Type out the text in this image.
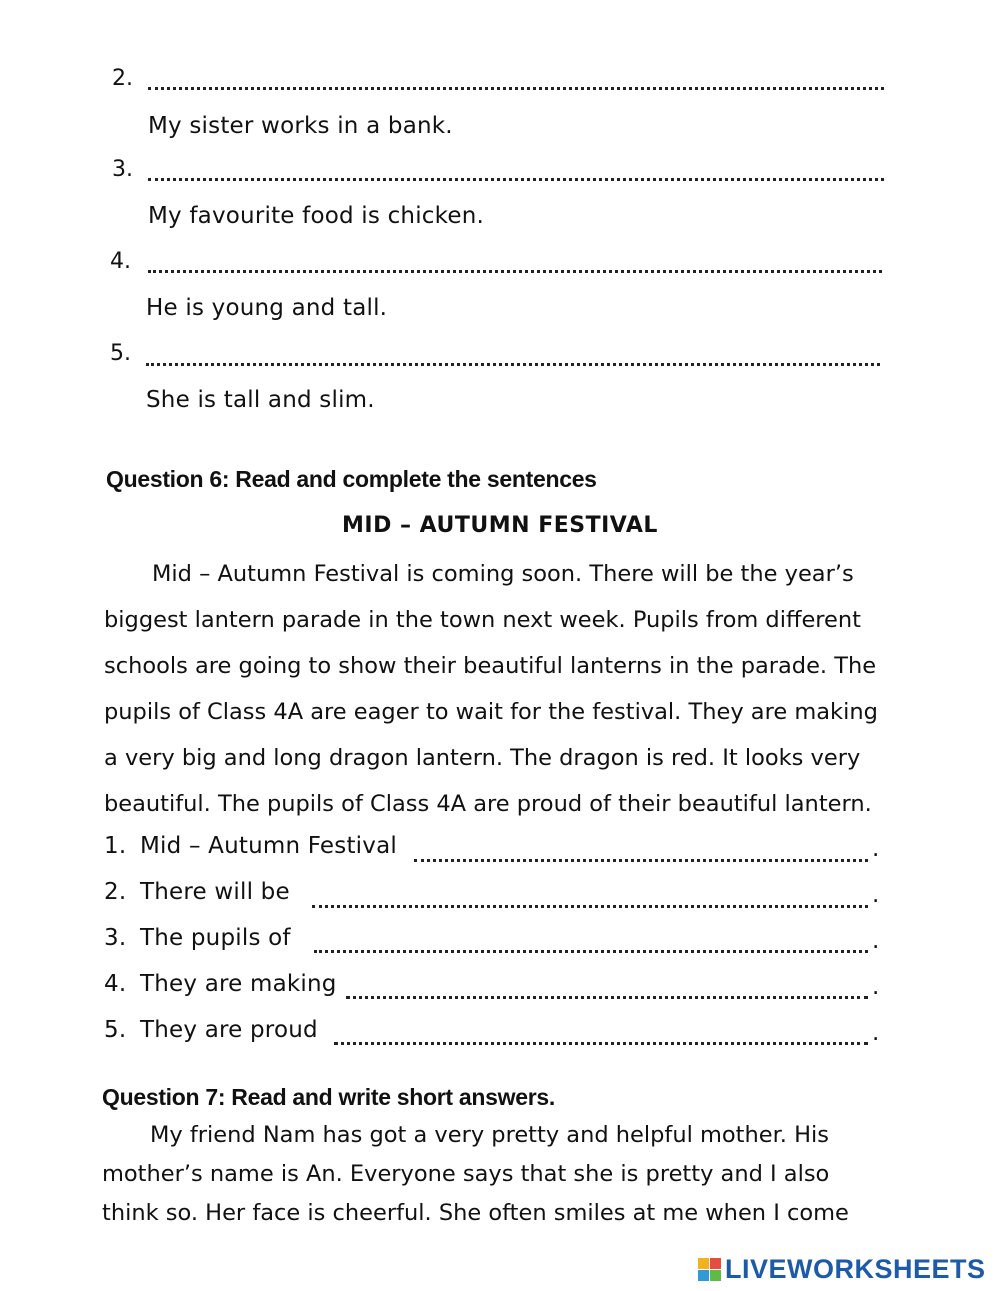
2.
My sister works in a bank.
3.
My favourite food is chicken.
4.
He is young and tall.
5.
She is tall and slim.
Question 6: Read and complete the sentences
MID – AUTUMN FESTIVAL
Mid – Autumn Festival is coming soon. There will be the year’s
biggest lantern parade in the town next week. Pupils from different
schools are going to show their beautiful lanterns in the parade. The
pupils of Class 4A are eager to wait for the festival. They are making
a very big and long dragon lantern. The dragon is red. It looks very
beautiful. The pupils of Class 4A are proud of their beautiful lantern.
1. Mid – Autumn Festival	.
2. There will be	.
3. The pupils of	.
4. They are making	.
5. They are proud	.
Question 7: Read and write short answers.
My friend Nam has got a very pretty and helpful mother. His
mother’s name is An. Everyone says that she is pretty and I also
think so. Her face is cheerful. She often smiles at me when I come
LIVEWORKSHEETS
